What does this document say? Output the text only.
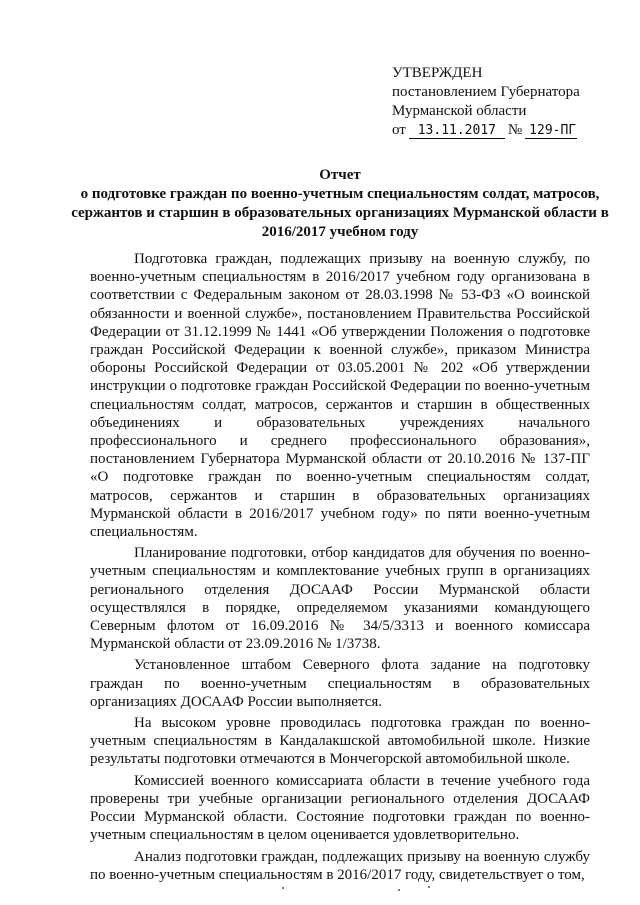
УТВЕРЖДЕН
постановлением Губернатора
Мурманской области
от 13.11.2017 № 129-ПГ
Отчет
о подготовке граждан по военно-учетным специальностям солдат, матросов, сержантов и старшин в образовательных организациях Мурманской области в 2016/2017 учебном году

Подготовка граждан, подлежащих призыву на военную службу, по военно-учетным специальностям в 2016/2017 учебном году организована в соответствии с Федеральным законом от 28.03.1998 № 53-ФЗ «О воинской обязанности и военной службе», постановлением Правительства Российской Федерации от 31.12.1999 № 1441 «Об утверждении Положения о подготовке граждан Российской Федерации к военной службе», приказом Министра обороны Российской Федерации от 03.05.2001 № 202 «Об утверждении инструкции о подготовке граждан Российской Федерации по военно-учетным специальностям солдат, матросов, сержантов и старшин в общественных объединениях и образовательных учреждениях начального профессионального и среднего профессионального образования», постановлением Губернатора Мурманской области от 20.10.2016 № 137-ПГ «О подготовке граждан по военно-учетным специальностям солдат, матросов, сержантов и старшин в образовательных организациях Мурманской области в 2016/2017 учебном году» по пяти военно-учетным специальностям.

Планирование подготовки, отбор кандидатов для обучения по военно-учетным специальностям и комплектование учебных групп в организациях регионального отделения ДОСААФ России Мурманской области осуществлялся в порядке, определяемом указаниями командующего Северным флотом от 16.09.2016 № 34/5/3313 и военного комиссара Мурманской области от 23.09.2016 № 1/3738.

Установленное штабом Северного флота задание на подготовку граждан по военно-учетным специальностям в образовательных организациях ДОСААФ России выполняется.

На высоком уровне проводилась подготовка граждан по военно-учетным специальностям в Кандалакшской автомобильной школе. Низкие результаты подготовки отмечаются в Мончегорской автомобильной школе.

Комиссией военного комиссариата области в течение учебного года проверены три учебные организации регионального отделения ДОСААФ России Мурманской области. Состояние подготовки граждан по военно-учетным специальностям в целом оценивается удовлетворительно.

Анализ подготовки граждан, подлежащих призыву на военную службу по военно-учетным специальностям в 2016/2017 году, свидетельствует о том,
